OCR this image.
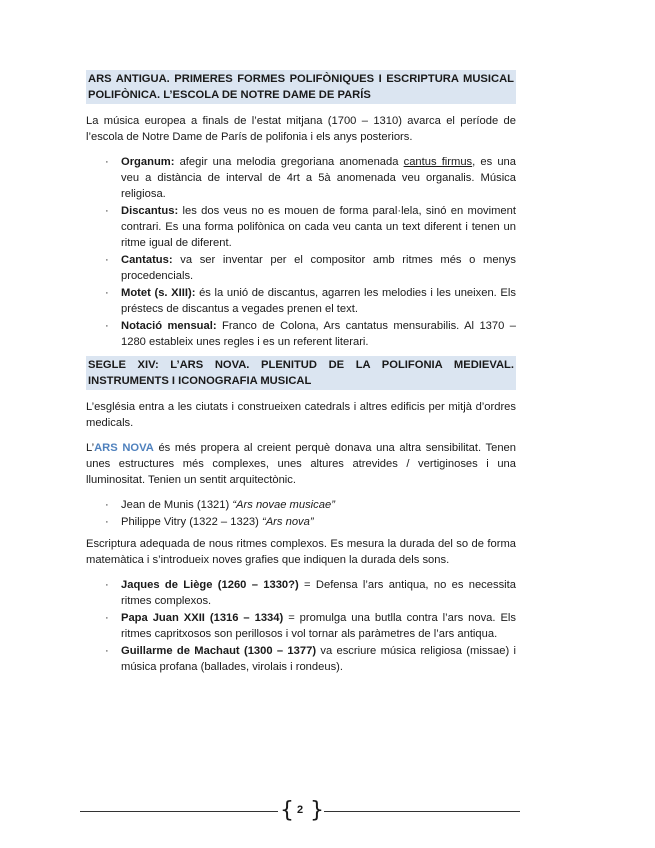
ARS ANTIGUA. PRIMERES FORMES POLIFÒNIQUES I ESCRIPTURA MUSICAL POLIFÒNICA. L’ESCOLA DE NOTRE DAME DE PARÍS

La música europea a finals de l’estat mitjana (1700 – 1310) avarca el període de l’escola de Notre Dame de París de polifonia i els anys posteriors.

· Organum: afegir una melodia gregoriana anomenada cantus firmus, es una veu a distància de interval de 4rt a 5à anomenada veu organalis. Música religiosa.
· Discantus: les dos veus no es mouen de forma paral·lela, sinó en moviment contrari. Es una forma polifònica on cada veu canta un text diferent i tenen un ritme igual de diferent.
· Cantatus: va ser inventar per el compositor amb ritmes més o menys procedencials.
· Motet (s. XIII): és la unió de discantus, agarren les melodies i les uneixen. Els préstecs de discantus a vegades prenen el text.
· Notació mensual: Franco de Colona, Ars cantatus mensurabilis. Al 1370 – 1280 estableix unes regles i es un referent literari.
SEGLE XIV: L’ARS NOVA. PLENITUD DE LA POLIFONIA MEDIEVAL. INSTRUMENTS I ICONOGRAFIA MUSICAL

L’església entra a les ciutats i construeixen catedrals i altres edificis per mitjà d’ordres medicals.

L’ARS NOVA és més propera al creient perquè donava una altra sensibilitat. Tenen unes estructures més complexes, unes altures atrevides / vertiginoses i una lluminositat. Tenien un sentit arquitectònic.

· Jean de Munis (1321) “Ars novae musicae”
· Philippe Vitry (1322 – 1323) “Ars nova”

Escriptura adequada de nous ritmes complexos. Es mesura la durada del so de forma matemàtica i s’introdueix noves grafies que indiquen la durada dels sons.

· Jaques de Liège (1260 – 1330?) = Defensa l’ars antiqua, no es necessita ritmes complexos.
· Papa Juan XXII (1316 – 1334) = promulga una butlla contra l’ars nova. Els ritmes capritxosos son perillosos i vol tornar als paràmetres de l’ars antiqua.
· Guillarme de Machaut (1300 – 1377) va escriure música religiosa (missae) i música profana (ballades, virolais i rondeus).
{ 2 }
